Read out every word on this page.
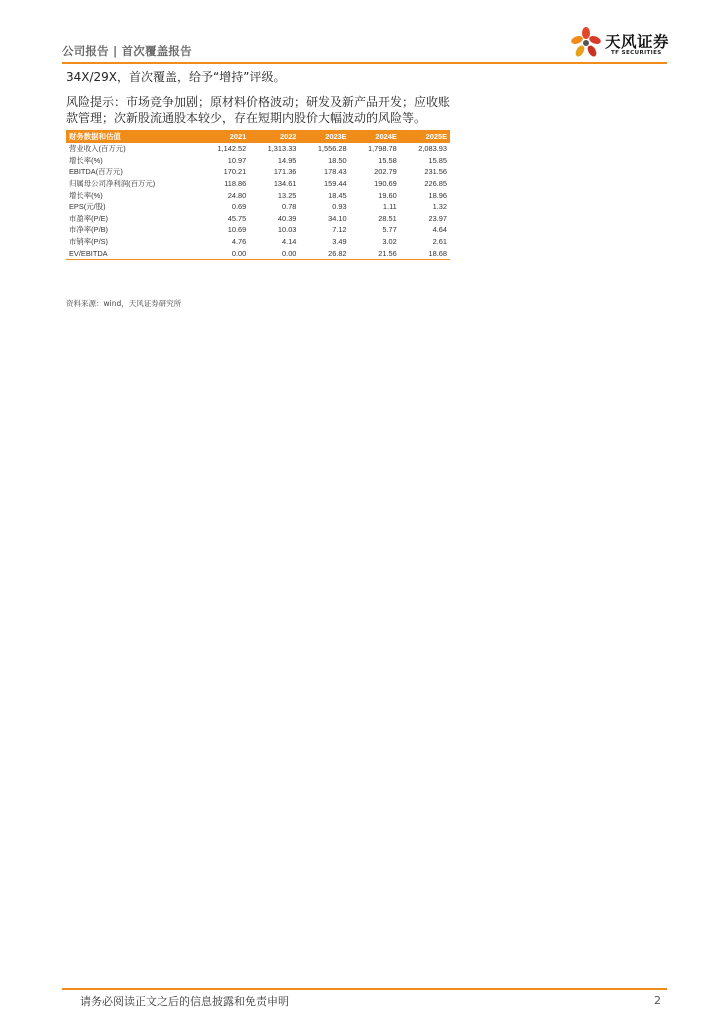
公司报告 | 首次覆盖报告	天风证券
TF SECURITIES
34X/29X，首次覆盖，给予“增持”评级。
风险提示：市场竞争加剧；原材料价格波动；研发及新产品开发；应收账款管理；次新股流通股本较少，存在短期内股价大幅波动的风险等。
财务数据和估值	2021	2022	2023E	2024E	2025E
营业收入(百万元)	1,142.52	1,313.33	1,556.28	1,798.78	2,083.93
增长率(%)	10.97	14.95	18.50	15.58	15.85
EBITDA(百万元)	170.21	171.36	178.43	202.79	231.56
归属母公司净利润(百万元)	118.86	134.61	159.44	190.69	226.85
增长率(%)	24.80	13.25	18.45	19.60	18.96
EPS(元/股)	0.69	0.78	0.93	1.11	1.32
市盈率(P/E)	45.75	40.39	34.10	28.51	23.97
市净率(P/B)	10.69	10.03	7.12	5.77	4.64
市销率(P/S)	4.76	4.14	3.49	3.02	2.61
EV/EBITDA	0.00	0.00	26.82	21.56	18.68
资料来源：wind，天风证券研究所
请务必阅读正文之后的信息披露和免责申明	2
